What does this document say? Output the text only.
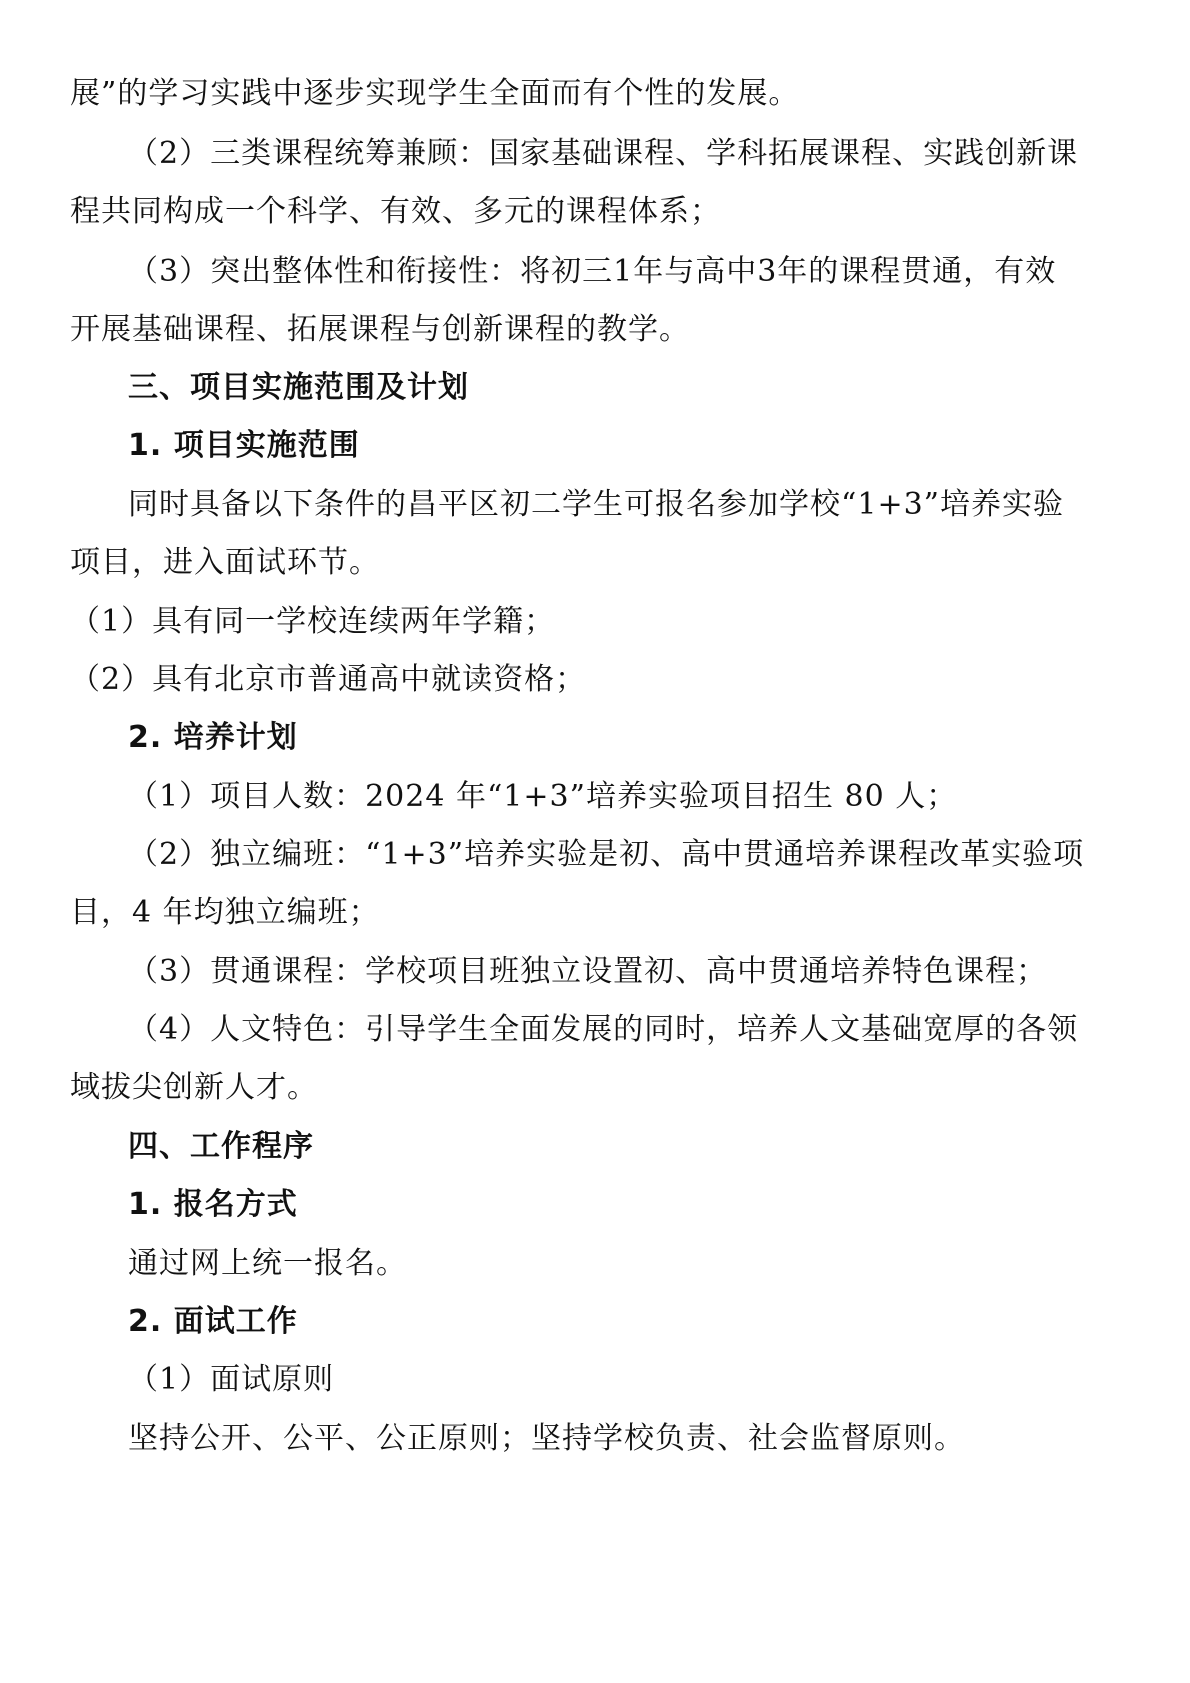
展”的学习实践中逐步实现学生全面而有个性的发展。
（ 2 ） 三 类 课 程 统 筹 兼 顾 ： 国 家 基 础 课 程 、 学 科 拓 展 课 程 、 实 践 创 新 课
程共同构成一个科学、有效、多元的课程体系；
（ 3 ） 突 出 整 体 性 和 衔 接 性 ： 将 初 三 1 年 与 高 中 3 年 的 课 程 贯 通 ， 有 效
开展基础课程、拓展课程与创新课程的教学。
三、项目实施范围及计划
1. 项目实施范围
同 时 具 备 以 下 条 件 的 昌 平 区 初 二 学 生 可 报 名 参 加 学 校 “ 1 + 3 ” 培 养 实 验
项目，进入面试环节。
（1）具有同一学校连续两年学籍；
（2）具有北京市普通高中就读资格；
2. 培养计划
（1）项目人数：2024 年“1+3”培养实验项目招生 80 人；
（ 2 ） 独 立 编 班 ： “ 1 + 3 ” 培 养 实 验 是 初 、 高 中 贯 通 培 养 课 程 改 革 实 验 项
目，4 年均独立编班；
（3）贯通课程：学校项目班独立设置初、高中贯通培养特色课程；
（ 4 ） 人 文 特 色 ： 引 导 学 生 全 面 发 展 的 同 时 ， 培 养 人 文 基 础 宽 厚 的 各 领
域拔尖创新人才。
四、工作程序
1. 报名方式
通过网上统一报名。
2. 面试工作
（1）面试原则
坚持公开、公平、公正原则；坚持学校负责、社会监督原则。
